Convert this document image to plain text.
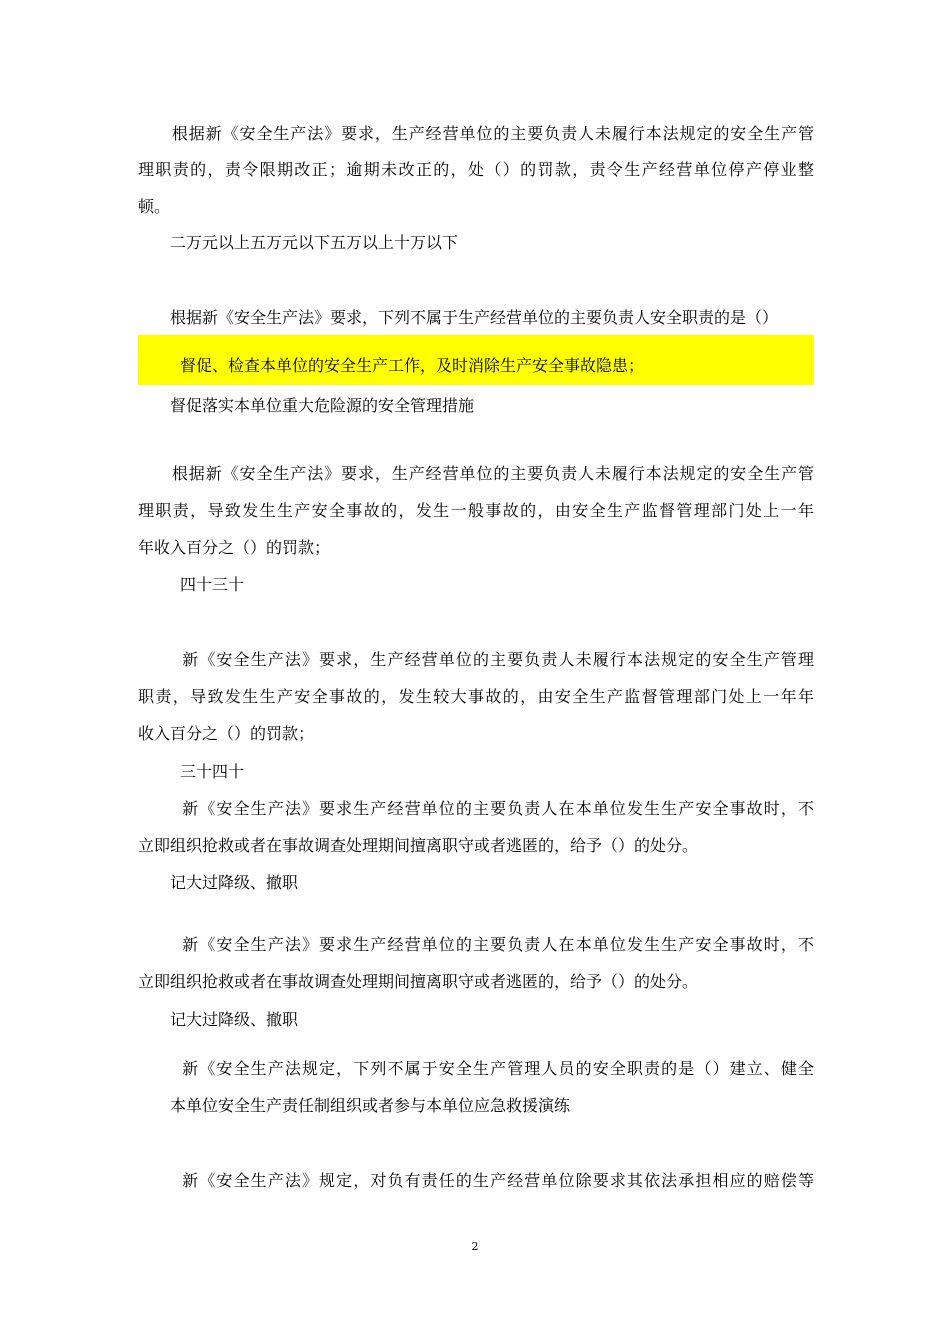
　　根据新《安全生产法》要求，生产经营单位的主要负责人未履行本法规定的安全生产管
理职责的，责令限期改正；逾期未改正的，处（）的罚款，责令生产经营单位停产停业整
顿。
　　二万元以上五万元以下五万以上十万以下
　　根据新《安全生产法》要求，下列不属于生产经营单位的主要负责人安全职责的是（）
　　督促、检查本单位的安全生产工作，及时消除生产安全事故隐患；
　　督促落实本单位重大危险源的安全管理措施
　　根据新《安全生产法》要求，生产经营单位的主要负责人未履行本法规定的安全生产管
理职责，导致发生生产安全事故的，发生一般事故的，由安全生产监督管理部门处上一年
年收入百分之（）的罚款；
　　四十三十
　　新《安全生产法》要求，生产经营单位的主要负责人未履行本法规定的安全生产管理
职责，导致发生生产安全事故的，发生较大事故的，由安全生产监督管理部门处上一年年
收入百分之（）的罚款；
　　三十四十
　　新《安全生产法》要求生产经营单位的主要负责人在本单位发生生产安全事故时，不
立即组织抢救或者在事故调查处理期间擅离职守或者逃匿的，给予（）的处分。
　　记大过降级、撤职
　　新《安全生产法》要求生产经营单位的主要负责人在本单位发生生产安全事故时，不
立即组织抢救或者在事故调查处理期间擅离职守或者逃匿的，给予（）的处分。
　　记大过降级、撤职
　　新《安全生产法规定，下列不属于安全生产管理人员的安全职责的是（）建立、健全
　　本单位安全生产责任制组织或者参与本单位应急救援演练
　　新《安全生产法》规定，对负有责任的生产经营单位除要求其依法承担相应的赔偿等
2
